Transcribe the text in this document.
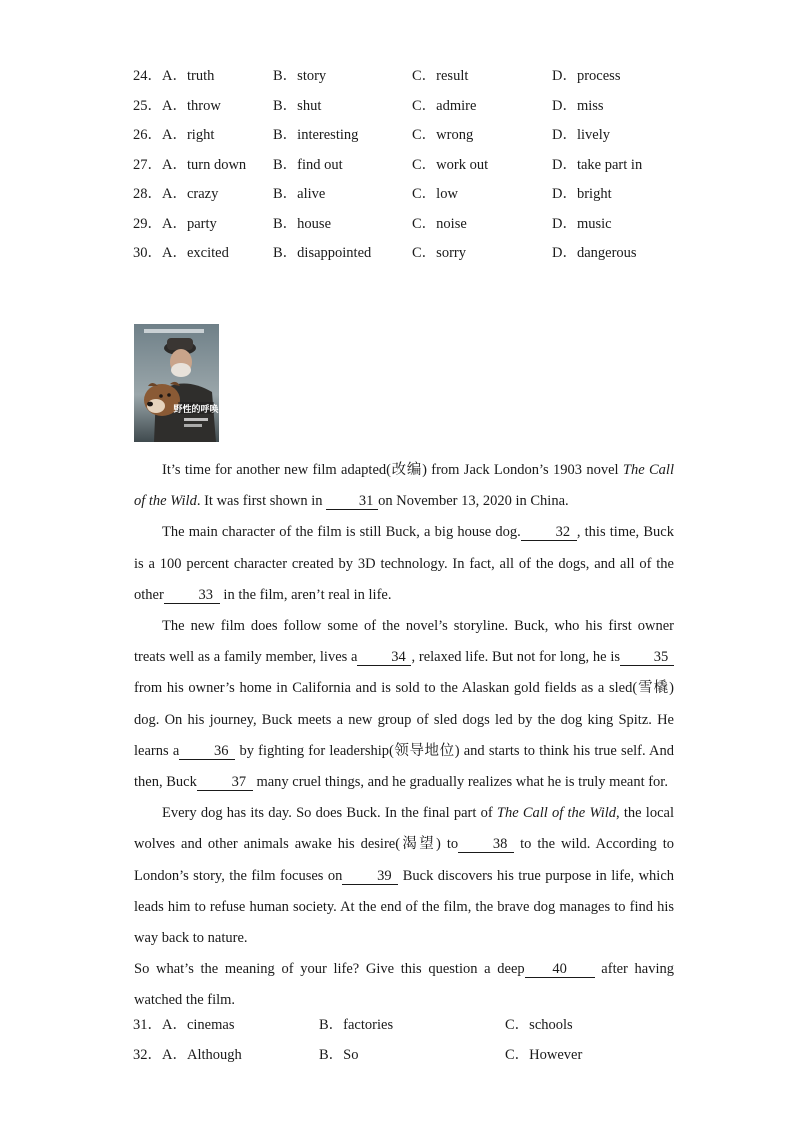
24．A．truth	B．story	C．result	D．process
25．A．throw	B．shut	C．admire	D．miss
26．A．right	B．interesting	C．wrong	D．lively
27．A．turn down	B．find out	C．work out	D．take part in
28．A．crazy	B．alive	C．low	D．bright
29．A．party	B．house	C．noise	D．music
30．A．excited	B．disappointed	C．sorry	D．dangerous
野性的呼唤

It’s time for another new film adapted(改编) from Jack London’s 1903 novel The Call of the Wild. It was first shown in 31 on November 13, 2020 in China.

The main character of the film is still Buck, a big house dog. 32 , this time, Buck is a 100 percent character created by 3D technology. In fact, all of the dogs, and all of the other 33 in the film, aren’t real in life.

The new film does follow some of the novel’s storyline. Buck, who his first owner treats well as a family member, lives a 34 , relaxed life. But not for long, he is 35 from his owner’s home in California and is sold to the Alaskan gold fields as a sled(雪橇) dog. On his journey, Buck meets a new group of sled dogs led by the dog king Spitz. He learns a 36 by fighting for leadership(领导地位) and starts to think his true self. And then, Buck 37 many cruel things, and he gradually realizes what he is truly meant for.

Every dog has its day. So does Buck. In the final part of The Call of the Wild, the local wolves and other animals awake his desire(渴望) to 38 to the wild. According to London’s story, the film focuses on 39 Buck discovers his true purpose in life, which leads him to refuse human society. At the end of the film, the brave dog manages to find his way back to nature.

So what’s the meaning of your life? Give this question a deep 40 after having watched the film.

31．A．cinemas	B．factories	C．schools
32．A．Although	B．So	C．However
